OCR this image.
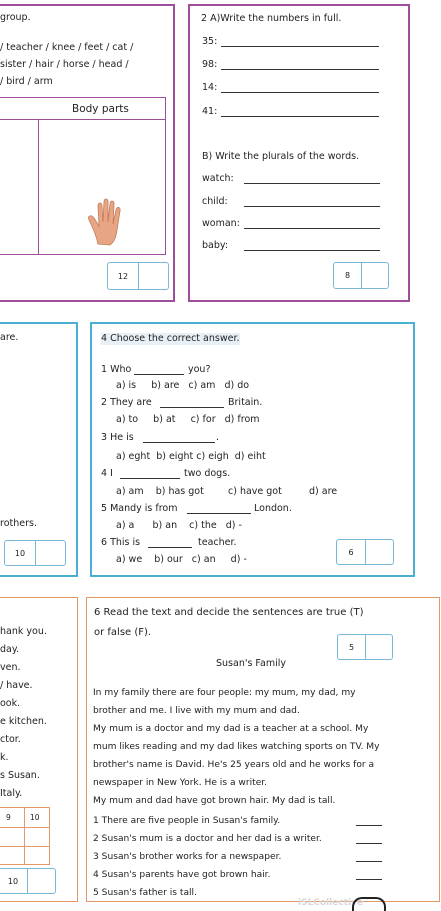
group.
/ teacher / knee / feet / cat /
sister / hair / horse / head /
/ bird / arm
Body parts
12
2 A)Write the numbers in full.
35:
98:
14:
41:
B) Write the plurals of the words.
watch:
child:
woman:
baby:
8
are.
rothers.
10
4 Choose the correct answer.
1 Who	you?
a) is     b) are   c) am   d) do
2 They are	Britain.
a) to     b) at     c) for   d) from
3 He is	.
a) eght  b) eight c) eigh  d) eiht
4 I	two dogs.
a) am    b) has got        c) have got         d) are
5 Mandy is from	London.
a) a      b) an    c) the   d) -
6 This is	teacher.
a) we    b) our   c) an     d) -
6
hank you.
day.
ven.
/ have.
ook.
e kitchen.
ctor.
k.
s Susan.
Italy.
9	10
10
6 Read the text and decide the sentences are true (T)
or false (F).
5
Susan's Family
In my family there are four people: my mum, my dad, my
brother and me. I live with my mum and dad.
My mum is a doctor and my dad is a teacher at a school. My
mum likes reading and my dad likes watching sports on TV. My
brother's name is David. He's 25 years old and he works for a
newspaper in New York. He is a writer.
My mum and dad have got brown hair. My dad is tall.
1 There are five people in Susan's family.
2 Susan's mum is a doctor and her dad is a writer.
3 Susan's brother works for a newspaper.
4 Susan's parents have got brown hair.
5 Susan's father is tall.
iSLCollective
